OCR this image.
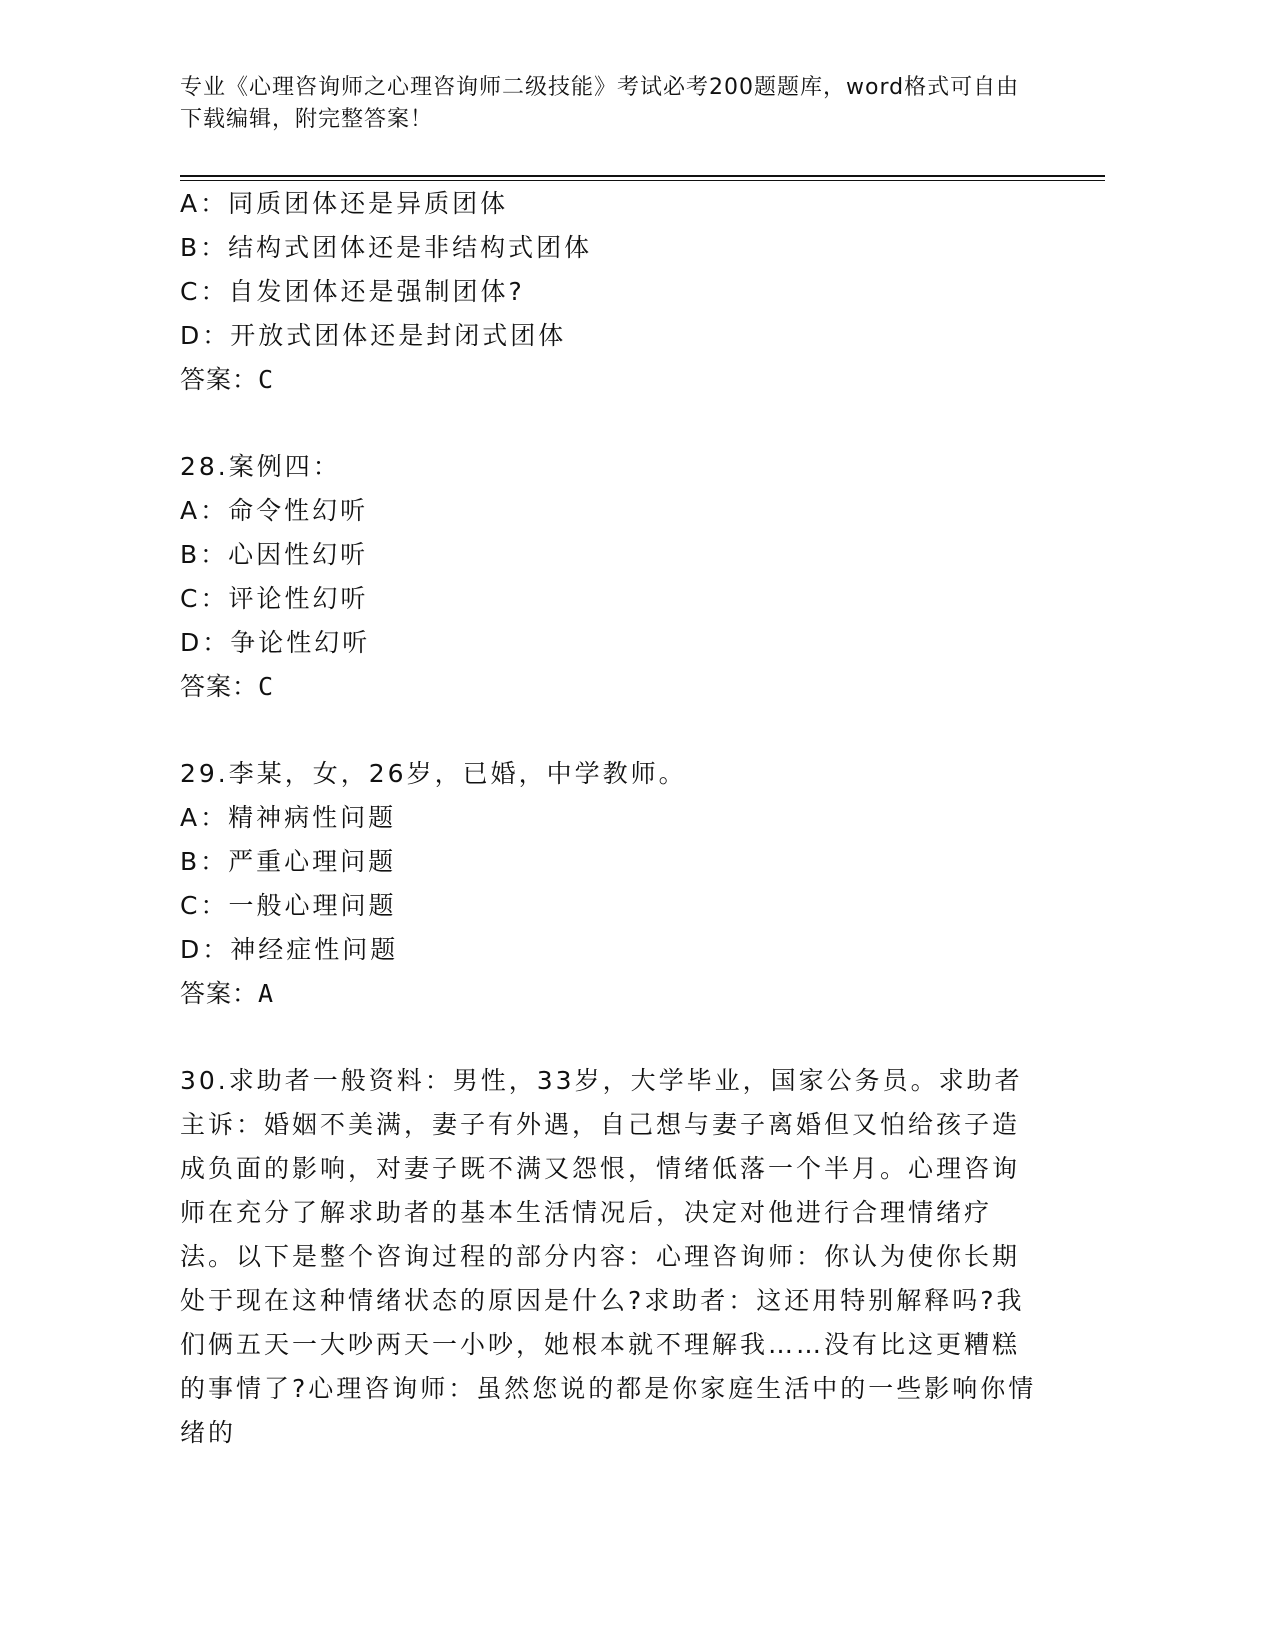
专业《心理咨询师之心理咨询师二级技能》考试必考200题题库，word格式可自由下载编辑，附完整答案！
A：同质团体还是异质团体
B：结构式团体还是非结构式团体
C：自发团体还是强制团体?
D：开放式团体还是封闭式团体
答案：C
28.案例四：
A：命令性幻听
B：心因性幻听
C：评论性幻听
D：争论性幻听
答案：C
29.李某，女，26岁，已婚，中学教师。
A：精神病性问题
B：严重心理问题
C：一般心理问题
D：神经症性问题
答案：A

30.求助者一般资料：男性，33岁，大学毕业，国家公务员。求助者主诉：婚姻不美满，妻子有外遇，自己想与妻子离婚但又怕给孩子造成负面的影响，对妻子既不满又怨恨，情绪低落一个半月。心理咨询师在充分了解求助者的基本生活情况后，决定对他进行合理情绪疗法。以下是整个咨询过程的部分内容：心理咨询师：你认为使你长期处于现在这种情绪状态的原因是什么?求助者：这还用特别解释吗?我们俩五天一大吵两天一小吵，她根本就不理解我……没有比这更糟糕的事情了?心理咨询师：虽然您说的都是你家庭生活中的一些影响你情绪的
